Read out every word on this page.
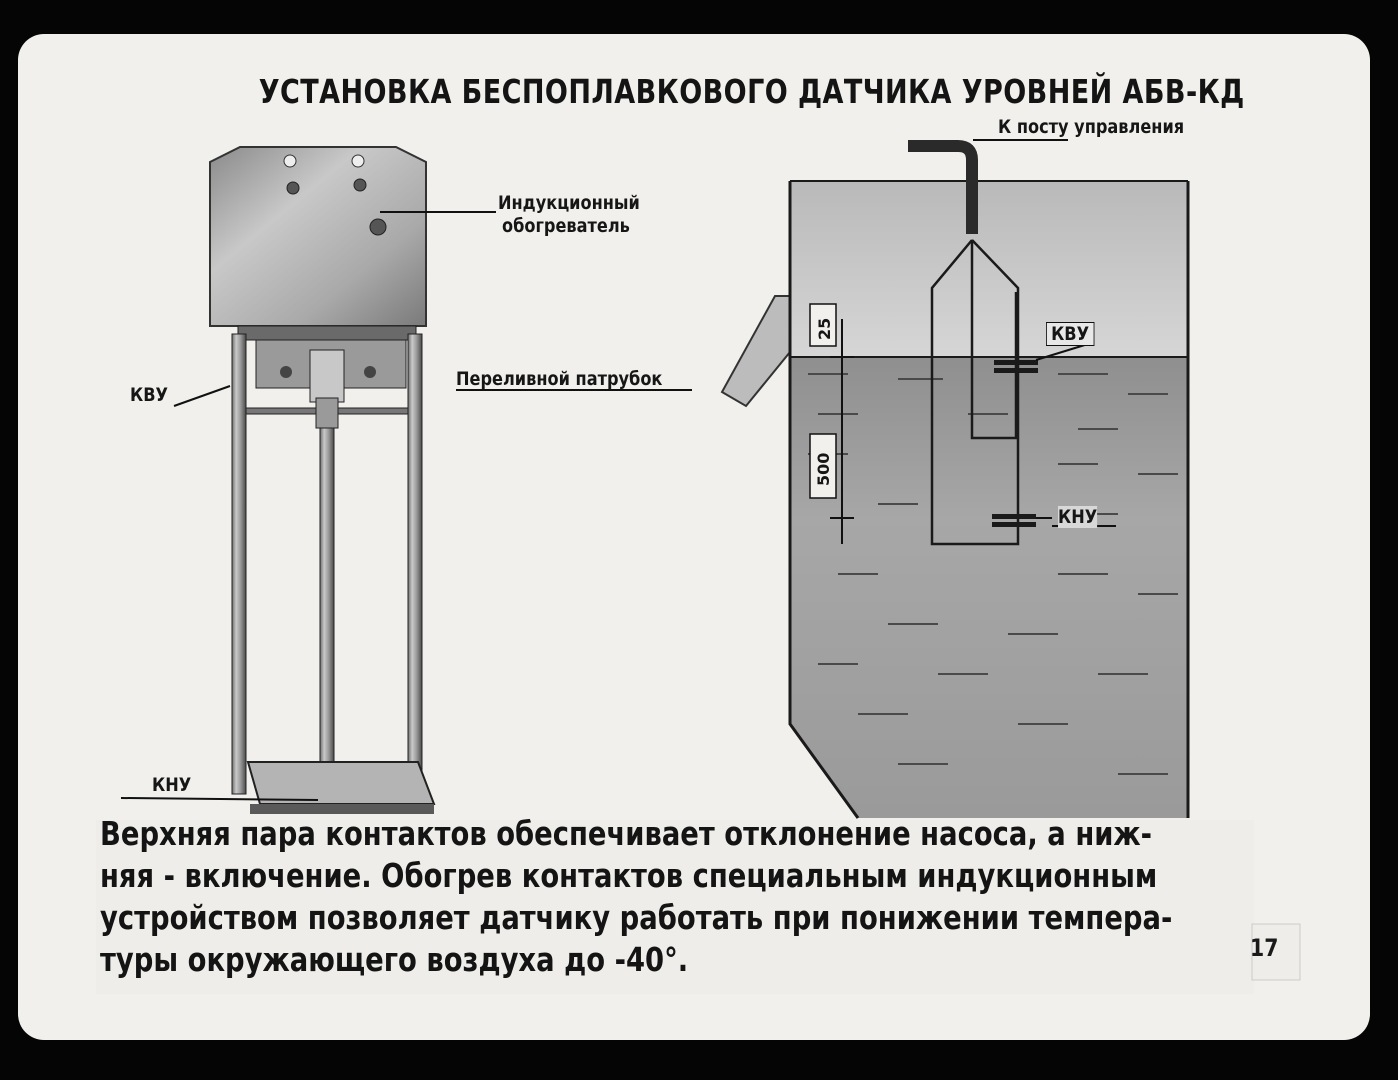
УСТАНОВКА БЕСПОПЛАВКОВОГО ДАТЧИКА УРОВНЕЙ АБВ-КД
Индукционный
обогреватель
КВУ
КНУ
Переливной патрубок
К посту управления
КВУ
КНУ
25
500
Верхняя пара контактов обеспечивает отклонение насоса, а ниж-
няя - включение. Обогрев контактов специальным индукционным
устройством позволяет датчику работать при понижении темпера-
туры окружающего воздуха до -40°.	17
